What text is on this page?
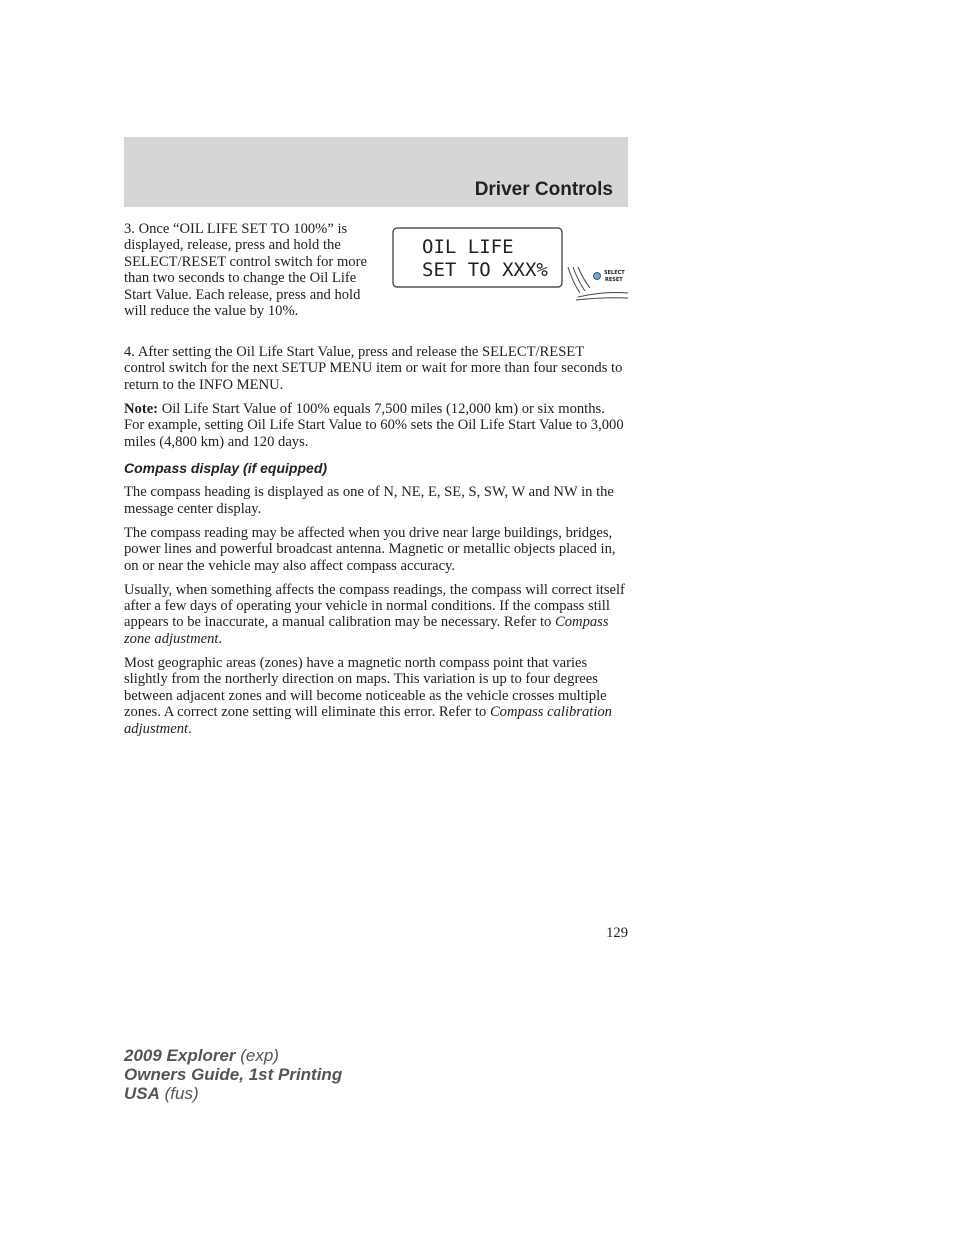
Driver Controls
3. Once “OIL LIFE SET TO 100%” is displayed, release, press and hold the SELECT/RESET control switch for more than two seconds to change the Oil Life Start Value. Each release, press and hold will reduce the value by 10%.
OIL LIFE
SET TO XXX%	SELECT
RESET

4. After setting the Oil Life Start Value, press and release the SELECT/RESET control switch for the next SETUP MENU item or wait for more than four seconds to return to the INFO MENU.

Note: Oil Life Start Value of 100% equals 7,500 miles (12,000 km) or six months. For example, setting Oil Life Start Value to 60% sets the Oil Life Start Value to 3,000 miles (4,800 km) and 120 days.

Compass display (if equipped)

The compass heading is displayed as one of N, NE, E, SE, S, SW, W and NW in the message center display.

The compass reading may be affected when you drive near large buildings, bridges, power lines and powerful broadcast antenna. Magnetic or metallic objects placed in, on or near the vehicle may also affect compass accuracy.

Usually, when something affects the compass readings, the compass will correct itself after a few days of operating your vehicle in normal conditions. If the compass still appears to be inaccurate, a manual calibration may be necessary. Refer to Compass zone adjustment.

Most geographic areas (zones) have a magnetic north compass point that varies slightly from the northerly direction on maps. This variation is up to four degrees between adjacent zones and will become noticeable as the vehicle crosses multiple zones. A correct zone setting will eliminate this error. Refer to Compass calibration adjustment.

129
2009 Explorer (exp)
Owners Guide, 1st Printing
USA (fus)
